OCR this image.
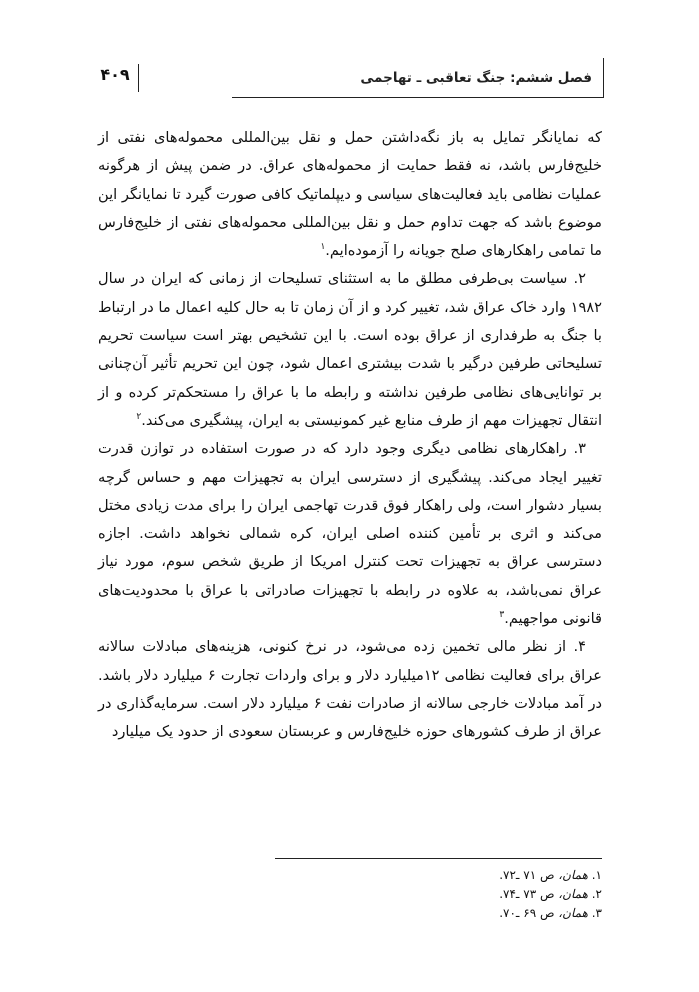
فصل ششم: جنگ تعاقبی ـ تهاجمی
۴۰۹

که نمایانگر تمایل به باز نگه‌داشتن حمل و نقل بین‌المللی محموله‌های نفتی از خلیج‌فارس باشد، نه فقط حمایت از محموله‌های عراق. در ضمن پیش از هرگونه عملیات نظامی باید فعالیت‌های سیاسی و دیپلماتیک کافی صورت گیرد تا نمایانگر این موضوع باشد که جهت تداوم حمل و نقل بین‌المللی محموله‌های نفتی از خلیج‌فارس ما تمامی راهکارهای صلح جویانه را آزموده‌ایم.$^۱$

۲. سیاست بی‌طرفی مطلق ما به استثنای تسلیحات از زمانی که ایران در سال ۱۹۸۲ وارد خاک عراق شد، تغییر کرد و از آن زمان تا به حال کلیه اعمال ما در ارتباط با جنگ به طرفداری از عراق بوده است. با این تشخیص بهتر است سیاست تحریم تسلیحاتی طرفین درگیر با شدت بیشتری اعمال شود، چون این تحریم تأثیر آن‌چنانی بر توانایی‌های نظامی طرفین نداشته و رابطه ما با عراق را مستحکم‌تر کرده و از انتقال تجهیزات مهم از طرف منابع غیر کمونیستی به ایران، پیشگیری می‌کند.$^۲$

۳. راهکارهای نظامی دیگری وجود دارد که در صورت استفاده در توازن قدرت تغییر ایجاد می‌کند. پیشگیری از دسترسی ایران به تجهیزات مهم و حساس گرچه بسیار دشوار است، ولی راهکار فوق قدرت تهاجمی ایران را برای مدت زیادی مختل می‌کند و اثری بر تأمین کننده اصلی ایران، کره شمالی نخواهد داشت. اجازه دسترسی عراق به تجهیزات تحت کنترل امریکا از طریق شخص سوم، مورد نیاز عراق نمی‌باشد، به علاوه در رابطه با تجهیزات صادراتی با عراق با محدودیت‌های قانونی مواجهیم.$^۳$

۴. از نظر مالی تخمین زده می‌شود، در نرخ کنونی، هزینه‌های مبادلات سالانه عراق برای فعالیت نظامی ۱۲میلیارد دلار و برای واردات تجارت ۶ میلیارد دلار باشد. در آمد مبادلات خارجی سالانه از صادرات نفت ۶ میلیارد دلار است. سرمایه‌گذاری در عراق از طرف کشورهای حوزه خلیج‌فارس و عربستان سعودی از حدود یک میلیارد

۱. همان، ص ۷۱ ـ۷۲.
۲. همان، ص ۷۳ ـ۷۴.
۳. همان، ص ۶۹ ـ۷۰.
